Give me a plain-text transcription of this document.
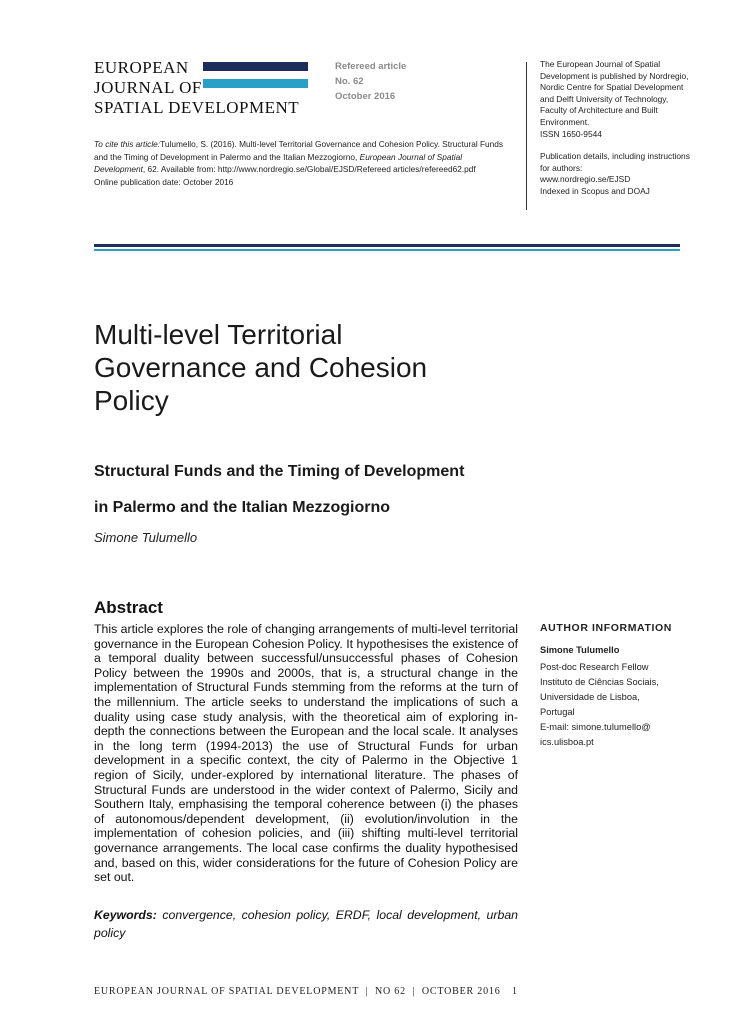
EUROPEAN
JOURNAL OF
SPATIAL DEVELOPMENT
Refereed article
No. 62
October 2016

The European Journal of Spatial Development is published by Nordregio, Nordic Centre for Spatial Development and Delft University of Technology, Faculty of Architecture and Built Environment.
ISSN 1650-9544

Publication details, including instructions for authors:
www.nordregio.se/EJSD
Indexed in Scopus and DOAJ

To cite this article:Tulumello, S. (2016). Multi-level Territorial Governance and Cohesion Policy. Structural Funds and the Timing of Development in Palermo and the Italian Mezzogiorno, European Journal of Spatial Development, 62. Available from: http://www.nordregio.se/Global/EJSD/Refereed articles/refereed62.pdf
Online publication date: October 2016
Multi-level Territorial
Governance and Cohesion
Policy
Structural Funds and the Timing of Development
in Palermo and the Italian Mezzogiorno
Simone Tulumello
Abstract
This article explores the role of changing arrangements of multi-level territorial governance in the European Cohesion Policy. It hypothesises the existence of a temporal duality between successful/unsuccessful phases of Cohesion Policy between the 1990s and 2000s, that is, a structural change in the implementation of Structural Funds stemming from the reforms at the turn of the millennium. The article seeks to understand the implications of such a duality using case study analysis, with the theoretical aim of exploring in-depth the connections between the European and the local scale. It analyses in the long term (1994-2013) the use of Structural Funds for urban development in a specific context, the city of Palermo in the Objective 1 region of Sicily, under-explored by international literature. The phases of Structural Funds are understood in the wider context of Palermo, Sicily and Southern Italy, emphasising the temporal coherence between (i) the phases of autonomous/dependent development, (ii) evolution/involution in the implementation of cohesion policies, and (iii) shifting multi-level territorial governance arrangements. The local case confirms the duality hypothesised and, based on this, wider considerations for the future of Cohesion Policy are set out.
Keywords: convergence, cohesion policy, ERDF, local development, urban policy
AUTHOR INFORMATION
Simone Tulumello
Post-doc Research Fellow
Instituto de Ciências Sociais,
Universidade de Lisboa,
Portugal
E-mail: simone.tulumello@
ics.ulisboa.pt
EUROPEAN JOURNAL OF SPATIAL DEVELOPMENT  |  NO 62  |  OCTOBER 2016 1
